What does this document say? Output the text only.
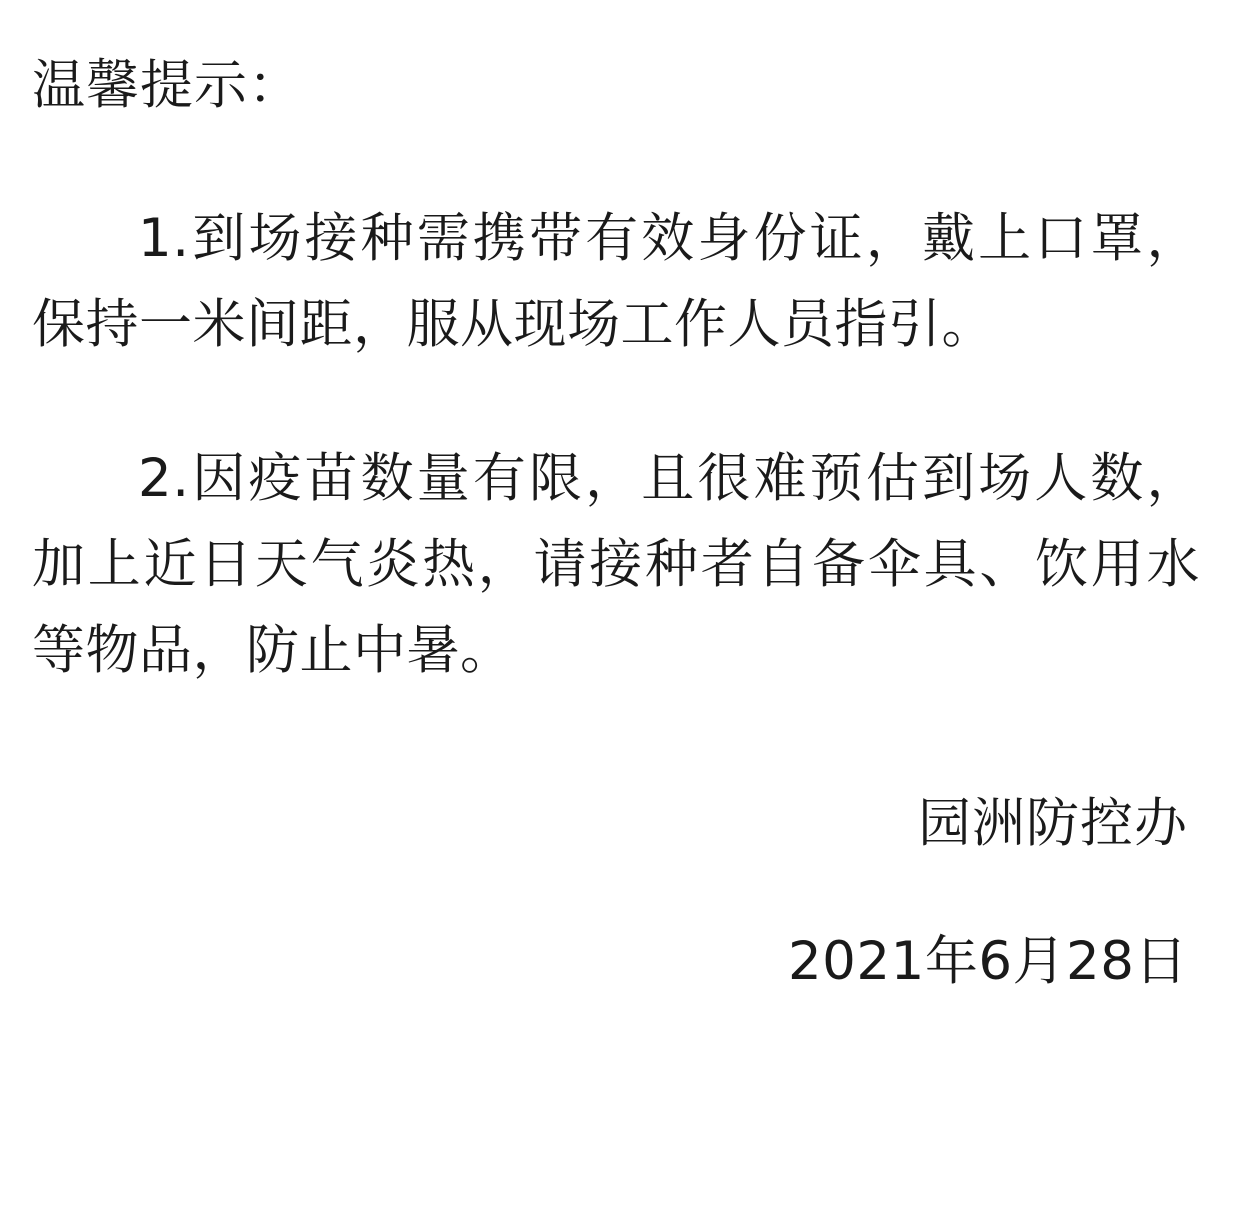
温馨提示：

1.到场接种需携带有效身份证，戴上口罩，保持一米间距，服从现场工作人员指引。

2.因疫苗数量有限，且很难预估到场人数，加上近日天气炎热，请接种者自备伞具、饮用水等物品，防止中暑。

园洲防控办
2021年6月28日
